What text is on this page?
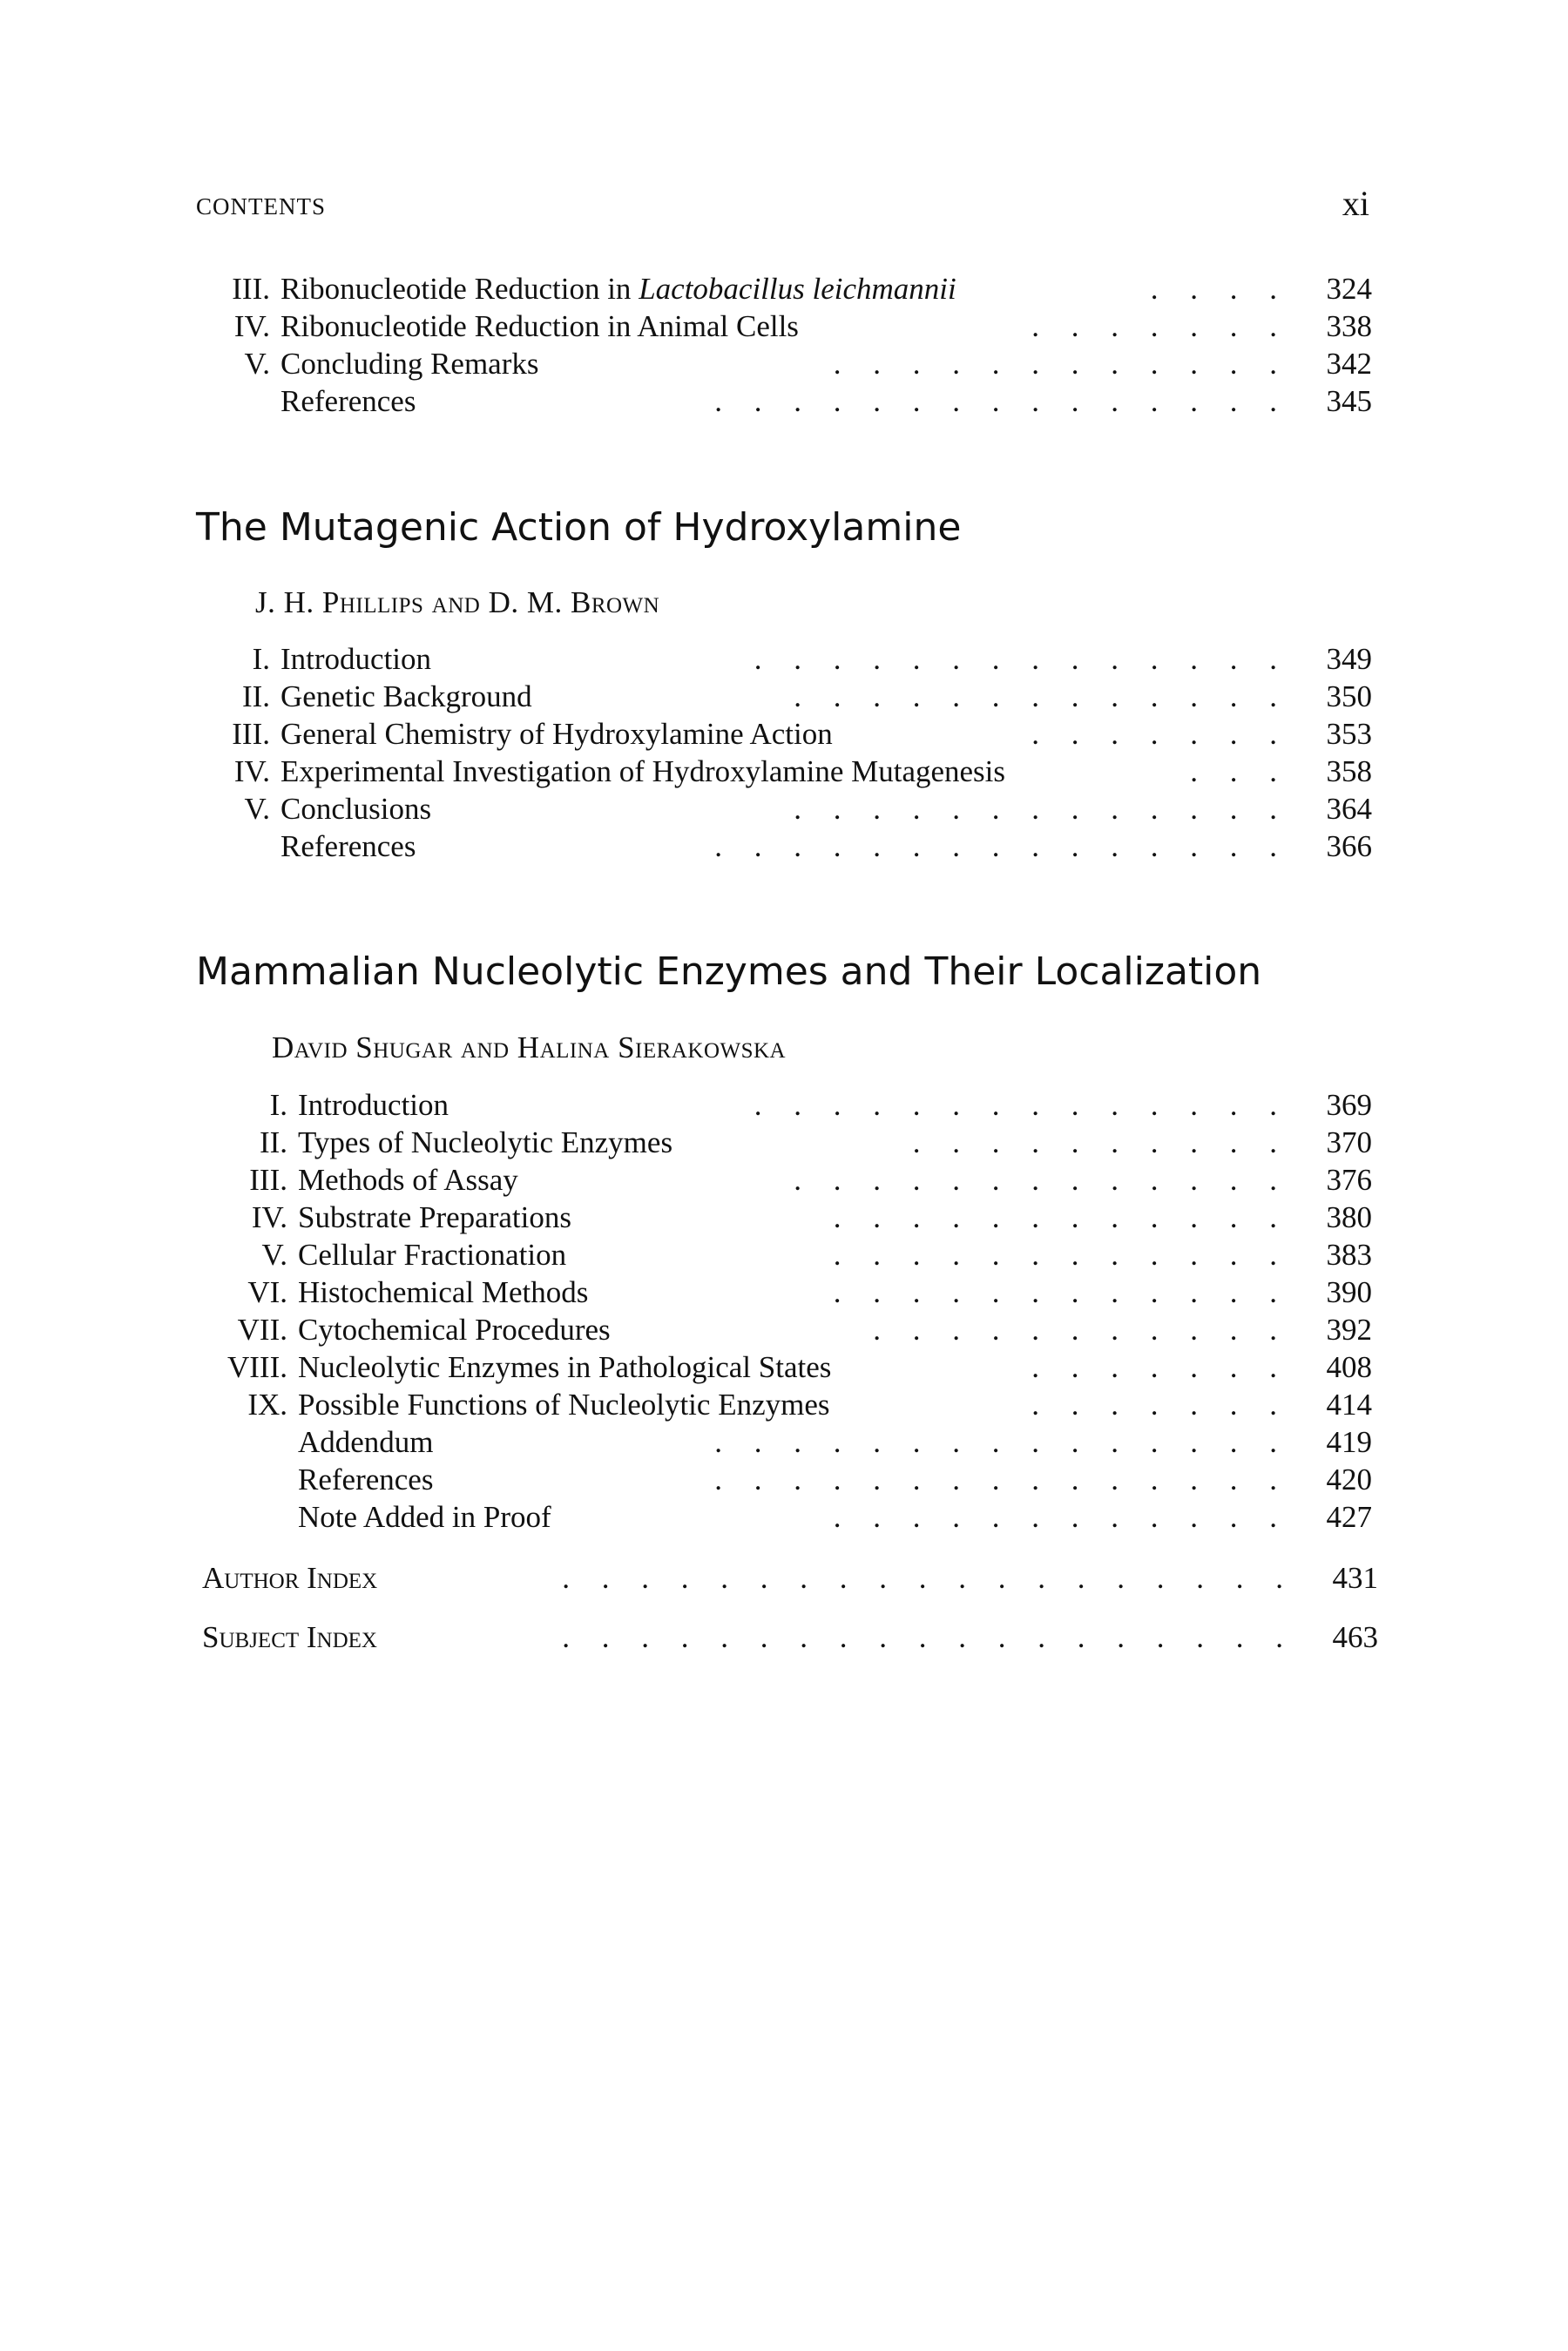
CONTENTS	xi
III. Ribonucleotide Reduction in Lactobacillus leichmannii	. . . .	324
IV. Ribonucleotide Reduction in Animal Cells	. . . . . . .	338
V. Concluding Remarks	. . . . . . . . . . . .	342
References	. . . . . . . . . . . . . . .	345
The Mutagenic Action of Hydroxylamine
J. H. Phillips and D. M. Brown
I. Introduction	. . . . . . . . . . . . . .	349
II. Genetic Background	. . . . . . . . . . . . .	350
III. General Chemistry of Hydroxylamine Action	. . . . . . .	353
IV. Experimental Investigation of Hydroxylamine Mutagenesis	. . .	358
V. Conclusions	. . . . . . . . . . . . .	364
References	. . . . . . . . . . . . . . .	366
Mammalian Nucleolytic Enzymes and Their Localization
David Shugar and Halina Sierakowska
I. Introduction	. . . . . . . . . . . . . .	369
II. Types of Nucleolytic Enzymes	. . . . . . . . . .	370
III. Methods of Assay	. . . . . . . . . . . . .	376
IV. Substrate Preparations	. . . . . . . . . . . .	380
V. Cellular Fractionation	. . . . . . . . . . . .	383
VI. Histochemical Methods	. . . . . . . . . . . .	390
VII. Cytochemical Procedures	. . . . . . . . . . .	392
VIII. Nucleolytic Enzymes in Pathological States	. . . . . . .	408
IX. Possible Functions of Nucleolytic Enzymes	. . . . . . .	414
Addendum	. . . . . . . . . . . . . . .	419
References	. . . . . . . . . . . . . . .	420
Note Added in Proof	. . . . . . . . . . . .	427
Author Index	. . . . . . . . . . . . . . . . . . .	431
Subject Index	. . . . . . . . . . . . . . . . . . .	463
